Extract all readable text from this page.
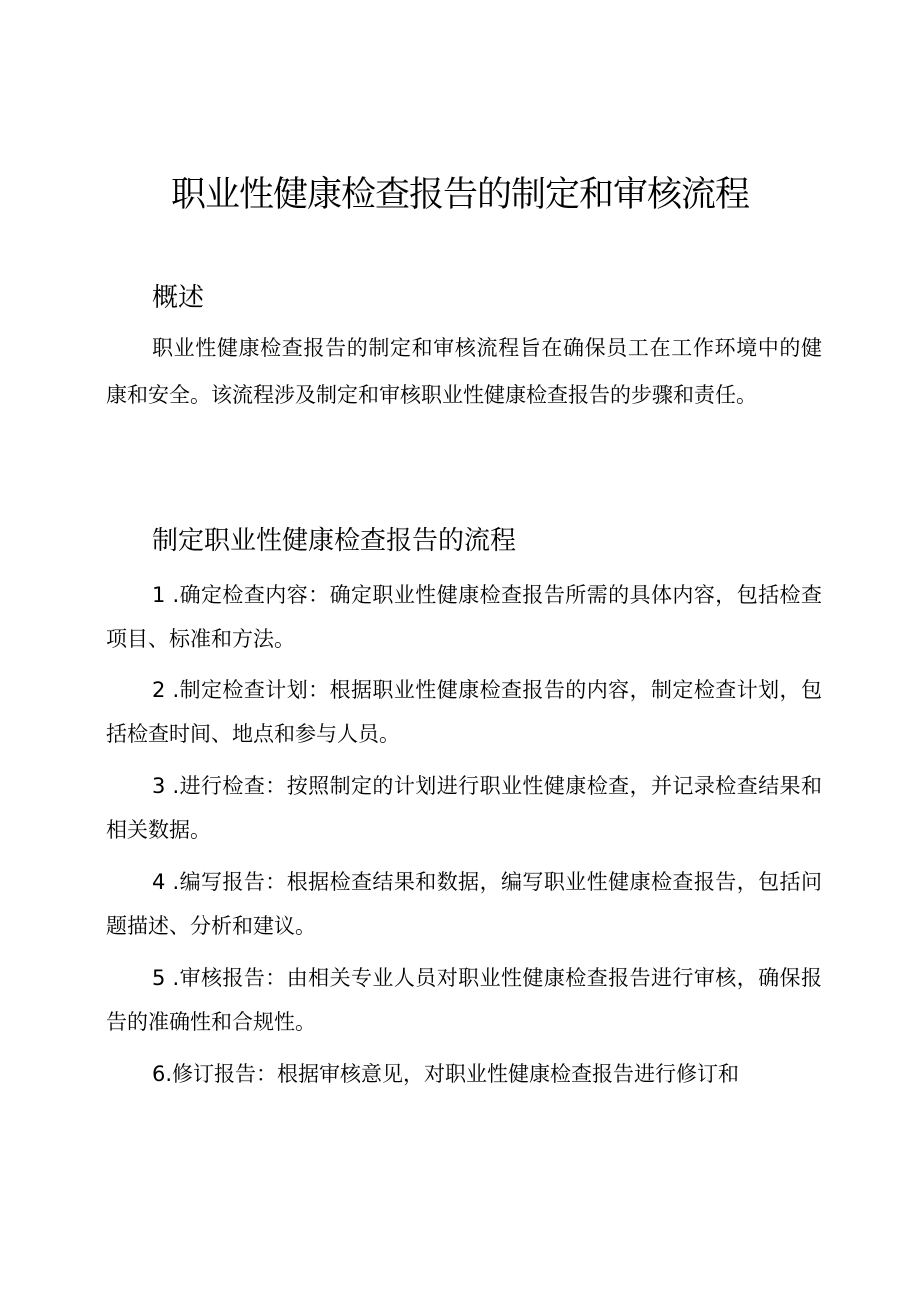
职业性健康检查报告的制定和审核流程
概述

职业性健康检查报告的制定和审核流程旨在确保员工在工作环境中的健康和安全。该流程涉及制定和审核职业性健康检查报告的步骤和责任。

制定职业性健康检查报告的流程

1 .确定检查内容：确定职业性健康检查报告所需的具体内容，包括检查项目、标准和方法。

2 .制定检查计划：根据职业性健康检查报告的内容，制定检查计划，包括检查时间、地点和参与人员。

3 .进行检查：按照制定的计划进行职业性健康检查，并记录检查结果和相关数据。

4 .编写报告：根据检查结果和数据，编写职业性健康检查报告，包括问题描述、分析和建议。

5 .审核报告：由相关专业人员对职业性健康检查报告进行审核，确保报告的准确性和合规性。

6.修订报告：根据审核意见，对职业性健康检查报告进行修订和
